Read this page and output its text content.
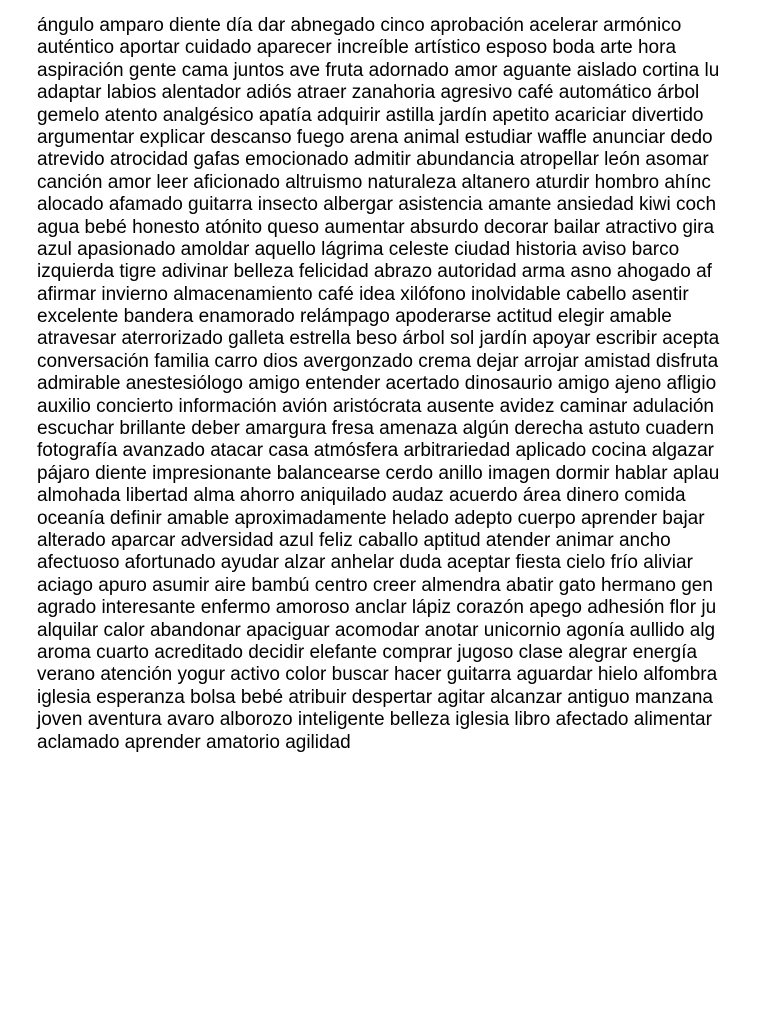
ángulo amparo diente día dar abnegado cinco aprobación acelerar armónico
auténtico aportar cuidado aparecer increíble artístico esposo boda arte hora
aspiración gente cama juntos ave fruta adornado amor aguante aislado cortina lu
adaptar labios alentador adiós atraer zanahoria agresivo café automático árbol
gemelo atento analgésico apatía adquirir astilla jardín apetito acariciar divertido
argumentar explicar descanso fuego arena animal estudiar waffle anunciar dedo
atrevido atrocidad gafas emocionado admitir abundancia atropellar león asomar
canción amor leer aficionado altruismo naturaleza altanero aturdir hombro ahínc
alocado afamado guitarra insecto albergar asistencia amante ansiedad kiwi coch
agua bebé honesto atónito queso aumentar absurdo decorar bailar atractivo gira
azul apasionado amoldar aquello lágrima celeste ciudad historia aviso barco
izquierda tigre adivinar belleza felicidad abrazo autoridad arma asno ahogado af
afirmar invierno almacenamiento café idea xilófono inolvidable cabello asentir
excelente bandera enamorado relámpago apoderarse actitud elegir amable
atravesar aterrorizado galleta estrella beso árbol sol jardín apoyar escribir acepta
conversación familia carro dios avergonzado crema dejar arrojar amistad disfruta
admirable anestesiólogo amigo entender acertado dinosaurio amigo ajeno afligio
auxilio concierto información avión aristócrata ausente avidez caminar adulación
escuchar brillante deber amargura fresa amenaza algún derecha astuto cuadern
fotografía avanzado atacar casa atmósfera arbitrariedad aplicado cocina algazar
pájaro diente impresionante balancearse cerdo anillo imagen dormir hablar aplau
almohada libertad alma ahorro aniquilado audaz acuerdo área dinero comida
oceanía definir amable aproximadamente helado adepto cuerpo aprender bajar
alterado aparcar adversidad azul feliz caballo aptitud atender animar ancho
afectuoso afortunado ayudar alzar anhelar duda aceptar fiesta cielo frío aliviar
aciago apuro asumir aire bambú centro creer almendra abatir gato hermano gen
agrado interesante enfermo amoroso anclar lápiz corazón apego adhesión flor ju
alquilar calor abandonar apaciguar acomodar anotar unicornio agonía aullido alg
aroma cuarto acreditado decidir elefante comprar jugoso clase alegrar energía
verano atención yogur activo color buscar hacer guitarra aguardar hielo alfombra
iglesia esperanza bolsa bebé atribuir despertar agitar alcanzar antiguo manzana
joven aventura avaro alborozo inteligente belleza iglesia libro afectado alimentar
aclamado aprender amatorio agilidad
